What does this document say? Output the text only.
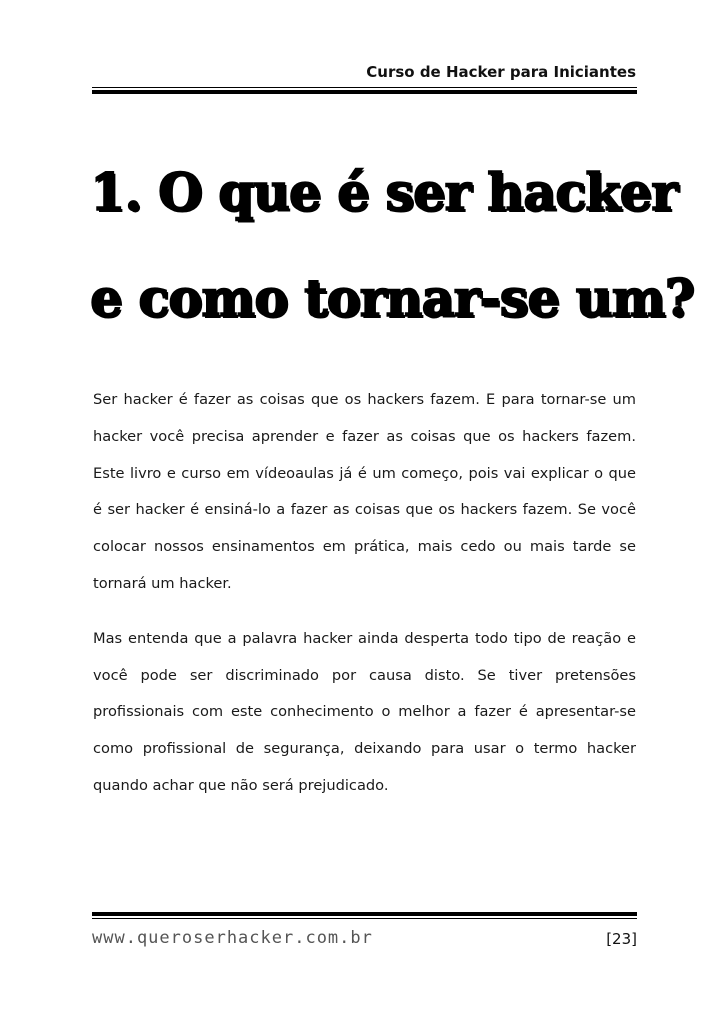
Curso de Hacker para Iniciantes
1. O que é ser hacker
e como tornar-se um?

Ser hacker é fazer as coisas que os hackers fazem. E para tornar-se um hacker você precisa aprender e fazer as coisas que os hackers fazem. Este livro e curso em vídeoaulas já é um começo, pois vai explicar o que é ser hacker é ensiná-lo a fazer as coisas que os hackers fazem. Se você colocar nossos ensinamentos em prática, mais cedo ou mais tarde se tornará um hacker.

Mas entenda que a palavra hacker ainda desperta todo tipo de reação e você pode ser discriminado por causa disto. Se tiver pretensões profissionais com este conhecimento o melhor a fazer é apresentar-se como profissional de segurança, deixando para usar o termo hacker quando achar que não será prejudicado.

www.queroserhacker.com.br	[23]
